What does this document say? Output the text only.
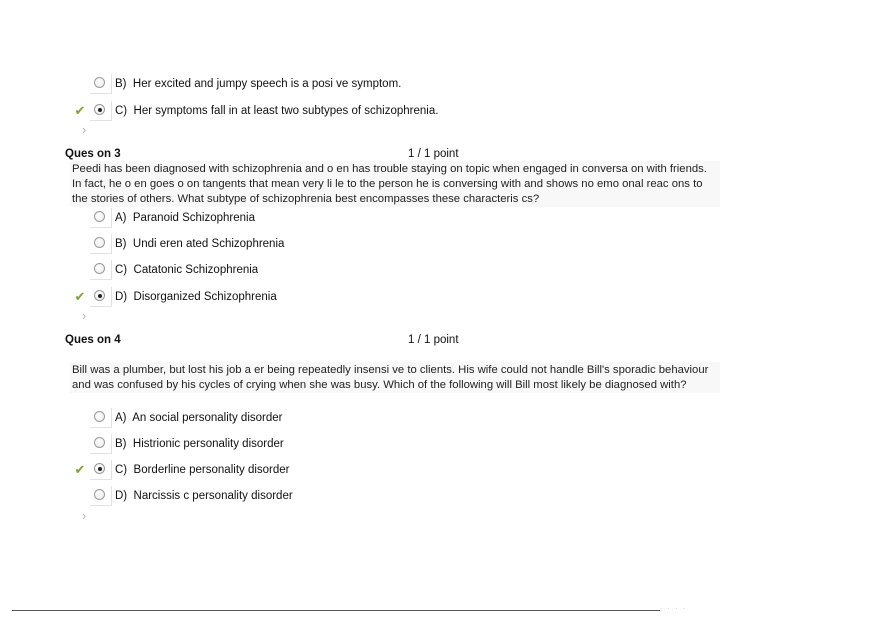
B) Her excited and jumpy speech is a posi ve symptom.
✔	C) Her symptoms fall in at least two subtypes of schizophrenia.
›
Ques on 3	1 / 1 point
Peedi has been diagnosed with schizophrenia and o en has trouble staying on topic when engaged in conversa on with friends. In fact, he o en goes o on tangents that mean very li le to the person he is conversing with and shows no emo onal reac ons to the stories of others. What subtype of schizophrenia best encompasses these characteris cs?
A) Paranoid Schizophrenia
B) Undi eren ated Schizophrenia
C) Catatonic Schizophrenia
✔	D) Disorganized Schizophrenia
›
Ques on 4	1 / 1 point
Bill was a plumber, but lost his job a er being repeatedly insensi ve to clients. His wife could not handle Bill's sporadic behaviour and was confused by his cycles of crying when she was busy. Which of the following will Bill most likely be diagnosed with?
A) An social personality disorder
B) Histrionic personality disorder
✔	C) Borderline personality disorder
D) Narcissis c personality disorder
›
· · · ·
